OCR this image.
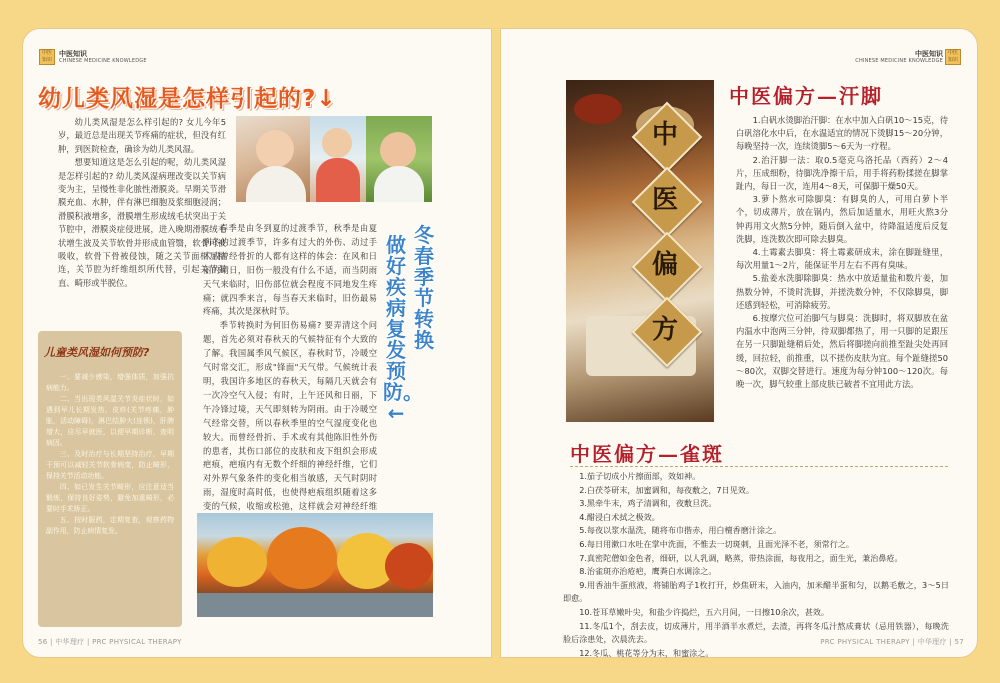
中医知识
中医知识
CHINESE MEDICINE KNOWLEDGE
幼儿类风湿是怎样引起的?↓

幼儿类风湿是怎么样引起的? 女儿今年5岁，最近总是出现关节疼痛的症状，但没有红肿，到医院检查，确诊为幼儿类风湿。

想要知道这是怎么引起的呢，幼儿类风湿是怎样引起的? 幼儿类风湿病理改变以关节病变为主，呈慢性非化脓性滑膜炎。早期关节滑膜充血、水肿，伴有淋巴细胞及浆细胞浸润；滑膜积液增多，滑膜增生形成绒毛状突出于关节腔中，滑膜炎症侵进展，进入晚期滑膜绒毛状增生波及关节软骨并形成血管翳，软骨可被吸收，软骨下骨被侵蚀，随之关节面相互粘连，关节腔为纤维组织所代替，引起关节强直、畸形或半脱位。

春季是由冬到夏的过渡季节，秋季是由夏到冬的过渡季节，许多有过大的外伤、动过手术或曾经骨折的人都有这样的体会：在风和日丽的晴日，旧伤一般没有什么不适，而当阴雨天气来临时，旧伤部位就会程度不同地发生疼痛；就四季来言，每当春天来临时，旧伤最易疼痛，其次是深秋时节。

季节转换时为何旧伤易痛? 要弄清这个问题，首先必须对春秋天的气候特征有个大致的了解。我国属季风气候区，春秋时节，冷暖空气时常交汇，形成"锋面"天气带。气候统计表明，我国许多地区的春秋天，每隔几天就会有一次冷空气入侵；有时，上午还风和日丽，下午冷锋过境，天气即刻转为阴雨。由于冷暖空气经常交替，所以春秋季里的空气湿度变化也较大。而曾经骨折、手术或有其他陈旧性外伤的患者，其伤口部位的皮肤和皮下组织会形成疤痕，疤痕内有无数个纤细的神经纤维，它们对外界气象条件的变化相当敏感，天气时阴时雨，湿度时高时低，也使得疤痕组织随着这多变的气候，收缩或松弛，这样就会对神经纤维

冬春季节转换
做好疾病复发预防。←
儿童类风湿如何预防?

一、要减少感染，增强体质，加强抗病能力。

二、当出现类风湿关节炎症状时，如遇到早儿长期发热，皮疹(关节疼痛，肿胀，活动障碍)，淋巴结肿大(连锁)，肝脾增大，应尽早就医，以便早期诊断，查明病因。

三、及时治疗与长期坚持治疗，早期干预可以减轻关节软骨病变，防止畸形，保持关节活动功能。

四、如已发生关节畸形，应注意适当锻炼，保持良好姿势，避免加重畸形，必要时手术矫正。

五、按时服药，定期复查，观察药物副作用，防止病情复发。

56 | 中华理疗 | PRC PHYSICAL THERAPY
中医知识
CHINESE MEDICINE KNOWLEDGE
中医知识
中
医
偏
方
中医偏方—汗脚

1.白矾水烫脚治汗脚：在水中加入白矾10～15克，待白矾溶化水中后，在水温适宜的情况下烫脚15～20分钟，每晚坚持一次，连续烫脚5～6天为一疗程。

2.治汗脚一法：取0.5毫克乌洛托品（西药）2～4片，压成细粉，待脚洗净擦干后，用手将药粉揉搓在脚掌趾内，每日一次，连用4～8天，可保脚干燥50天。

3.萝卜熬水可除脚臭：有脚臭的人，可用白萝卜半个，切成薄片，放在锅内，然后加适量水，用旺火熬3分钟再用文火熬5分钟，随后倒入盆中，待降温适度后反复洗脚，连洗数次即可除去脚臭。

4.土霉素去脚臭：将土霉素研成末，涂在脚趾缝里，每次用量1～2片，能保证半月左右不再有臭味。

5.盐姜水洗脚除脚臭：热水中放适量盐和数片姜，加热数分钟，不烫时洗脚，并搓洗数分钟，不仅除脚臭，脚还感到轻松，可消除疲劳。

6.按摩穴位可治脚气与脚臭：洗脚时，将双脚放在盆内温水中泡两三分钟，待双脚都热了，用一只脚的足跟压在另一只脚趾缝稍后处，然后将脚搓向前推至趾尖处再回缓，回拉轻，前推重，以不搓伤皮肤为宜。每个趾缝搓50～80次，双脚交替进行。速度为每分钟100～120次。每晚一次，脚气较重上部皮肤已破者不宜用此方法。

中医偏方—雀斑

1.茄子切成小片擦面部，效如神。

2.白茯苓研末，加蜜调和，每夜敷之，7日见效。

3.黑牵牛末，鸡子清调和，夜敷旦洗。

4.醋浸白术拭之极效。

5.每夜以浆水温洗，随将布巾揩赤，用白檀香磨汁涂之。

6.每日用漱口水吐在掌中洗面，不惟去一切斑刺，且面光泽不老，须常行之。

7.真密陀僧如金色者，细研，以人乳调，略蒸，带热涂面，每夜用之，面生光，兼治鼻疮。

8.治雀斑亦治疮疤，鹰粪白水调涂之。

9.用香油牛蛋煎液，将铺胎鸡子1枚打开，炒焦研末，入油内，加米醋半蛋和匀，以鹅毛敷之，3～5日即愈。

10.苍耳草嫩叶尖，和盐少许捣烂，五六月间，一日擦10余次，甚效。

11.冬瓜1个，刮去皮，切成薄片，用半酒半水煮烂，去渣，再将冬瓜汁熬成膏状（忌用铁器），每晚洗脸后涂患处，次晨洗去。

12.冬瓜、桃花等分为末，和蜜涂之。

PRC PHYSICAL THERAPY | 中华理疗 | 57
